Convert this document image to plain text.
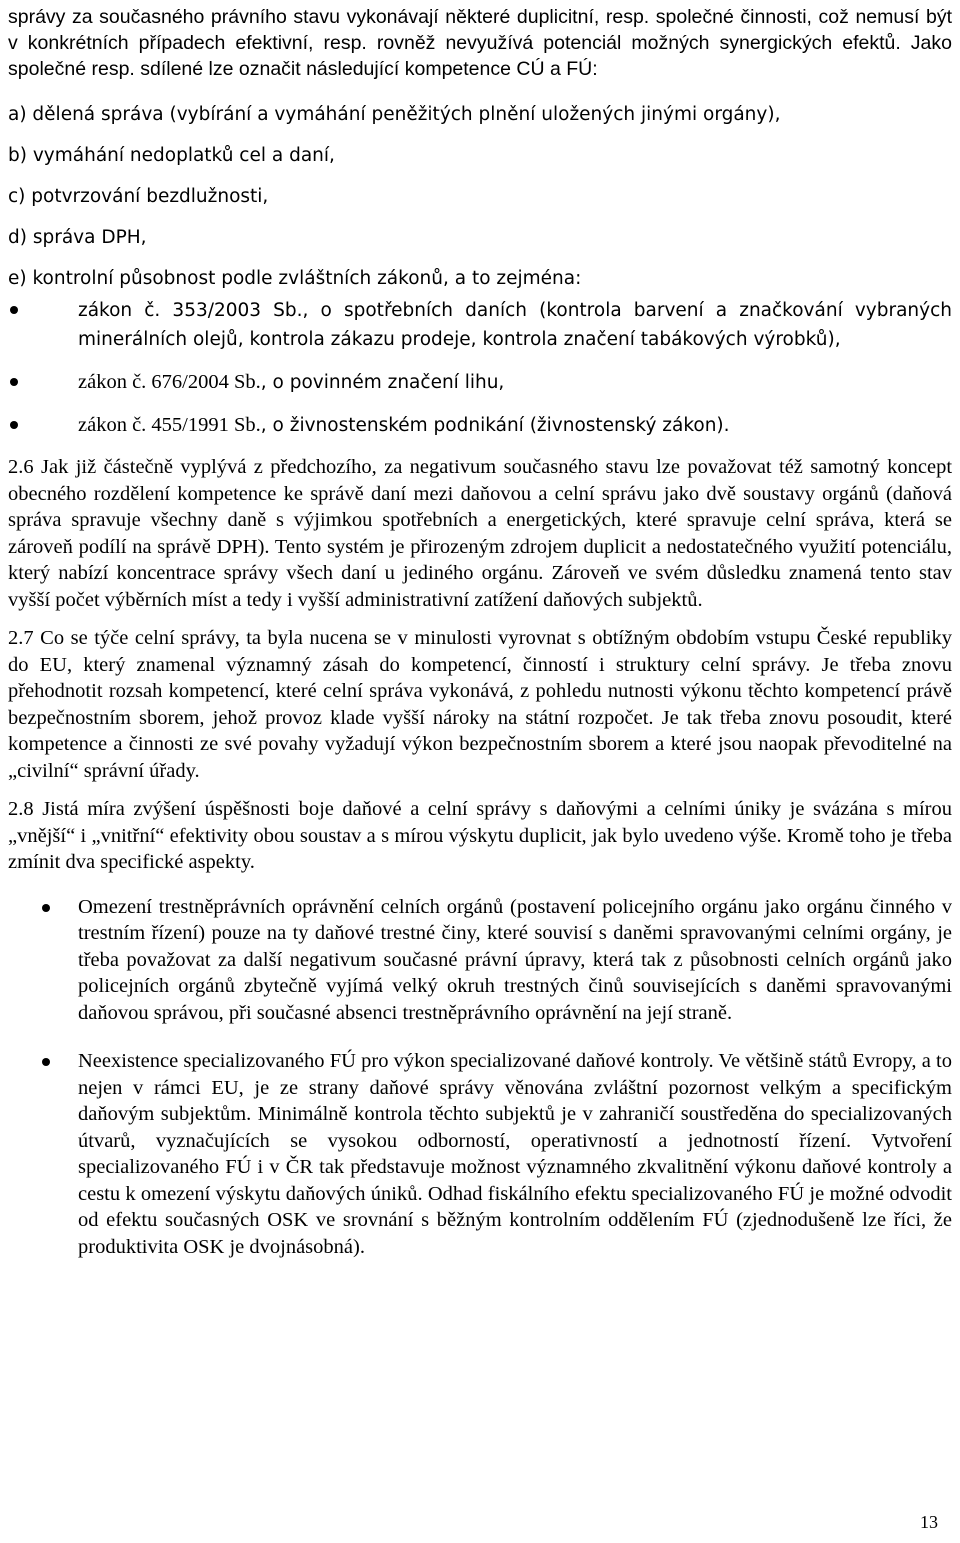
správy za současného právního stavu vykonávají některé duplicitní, resp. společné činnosti, což nemusí být v konkrétních případech efektivní, resp. rovněž nevyužívá potenciál možných synergických efektů. Jako společné resp. sdílené lze označit následující kompetence CÚ a FÚ:

a) dělená správa (vybírání a vymáhání peněžitých plnění uložených jinými orgány),

b) vymáhání nedoplatků cel a daní,

c) potvrzování bezdlužnosti,

d) správa DPH,

e) kontrolní působnost podle zvláštních zákonů, a to zejména:

zákon č. 353/2003 Sb., o spotřebních daních (kontrola barvení a značkování vybraných minerálních olejů, kontrola zákazu prodeje, kontrola značení tabákových výrobků),
zákon č. 676/2004 Sb., o povinném značení lihu,
zákon č. 455/1991 Sb., o živnostenském podnikání (živnostenský zákon).

2.6 Jak již částečně vyplývá z předchozího, za negativum současného stavu lze považovat též samotný koncept obecného rozdělení kompetence ke správě daní mezi daňovou a celní správu jako dvě soustavy orgánů (daňová správa spravuje všechny daně s výjimkou spotřebních a energetických, které spravuje celní správa, která se zároveň podílí na správě DPH). Tento systém je přirozeným zdrojem duplicit a nedostatečného využití potenciálu, který nabízí koncentrace správy všech daní u jediného orgánu. Zároveň ve svém důsledku znamená tento stav vyšší počet výběrních míst a tedy i vyšší administrativní zatížení daňových subjektů.

2.7 Co se týče celní správy, ta byla nucena se v minulosti vyrovnat s obtížným obdobím vstupu České republiky do EU, který znamenal významný zásah do kompetencí, činností i struktury celní správy. Je třeba znovu přehodnotit rozsah kompetencí, které celní správa vykonává, z pohledu nutnosti výkonu těchto kompetencí právě bezpečnostním sborem, jehož provoz klade vyšší nároky na státní rozpočet. Je tak třeba znovu posoudit, které kompetence a činnosti ze své povahy vyžadují výkon bezpečnostním sborem a které jsou naopak převoditelné na „civilní“ správní úřady.

2.8 Jistá míra zvýšení úspěšnosti boje daňové a celní správy s daňovými a celními úniky je svázána s mírou „vnější“ i „vnitřní“ efektivity obou soustav a s mírou výskytu duplicit, jak bylo uvedeno výše. Kromě toho je třeba zmínit dva specifické aspekty.

Omezení trestněprávních oprávnění celních orgánů (postavení policejního orgánu jako orgánu činného v trestním řízení) pouze na ty daňové trestné činy, které souvisí s daněmi spravovanými celními orgány, je třeba považovat za další negativum současné právní úpravy, která tak z působnosti celních orgánů jako policejních orgánů zbytečně vyjímá velký okruh trestných činů souvisejících s daněmi spravovanými daňovou správou, při současné absenci trestněprávního oprávnění na její straně.
Neexistence specializovaného FÚ pro výkon specializované daňové kontroly. Ve většině států Evropy, a to nejen v rámci EU, je ze strany daňové správy věnována zvláštní pozornost velkým a specifickým daňovým subjektům. Minimálně kontrola těchto subjektů je v zahraničí soustředěna do specializovaných útvarů, vyznačujících se vysokou odborností, operativností a jednotností řízení. Vytvoření specializovaného FÚ i v ČR tak představuje možnost významného zkvalitnění výkonu daňové kontroly a cestu k omezení výskytu daňových úniků. Odhad fiskálního efektu specializovaného FÚ je možné odvodit od efektu současných OSK ve srovnání s běžným kontrolním oddělením FÚ (zjednodušeně lze říci, že produktivita OSK je dvojnásobná).
13
